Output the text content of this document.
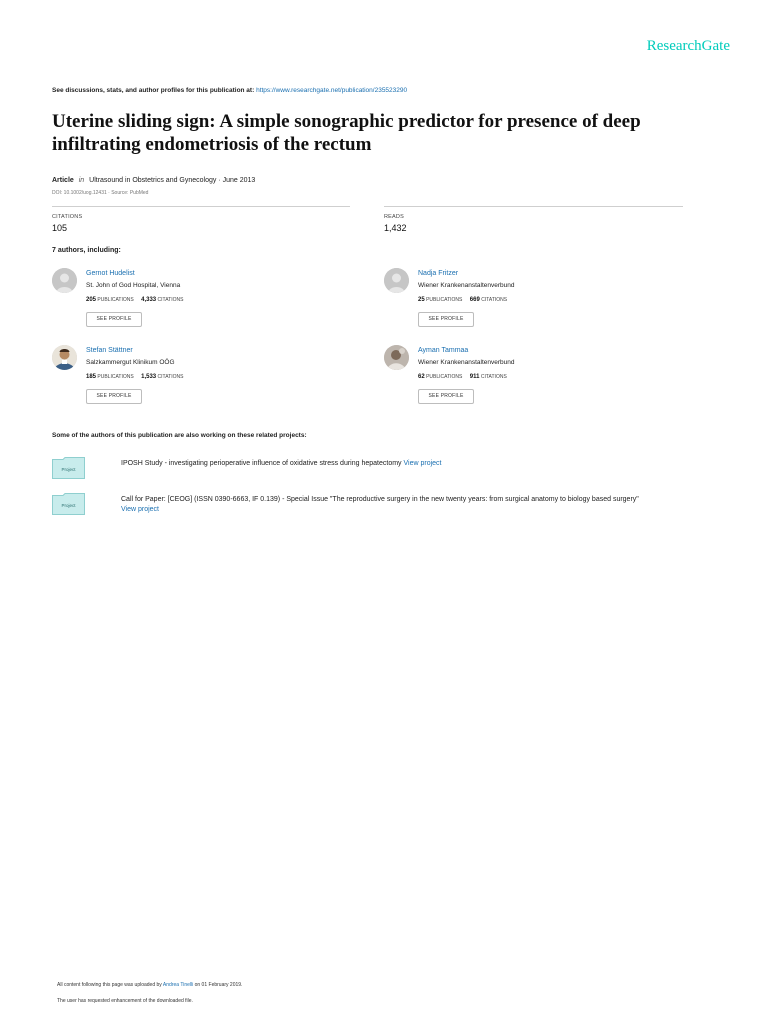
ResearchGate
See discussions, stats, and author profiles for this publication at: https://www.researchgate.net/publication/235523290
Uterine sliding sign: A simple sonographic predictor for presence of deep infiltrating endometriosis of the rectum
Article in Ultrasound in Obstetrics and Gynecology · June 2013
DOI: 10.1002/uog.12431 · Source: PubMed
CITATIONS
105
READS
1,432
7 authors, including:
Gernot Hudelist
St. John of God Hospital, Vienna
205 PUBLICATIONS 4,333 CITATIONS
SEE PROFILE
Nadja Fritzer
Wiener Krankenanstaltenverbund
25 PUBLICATIONS 669 CITATIONS
SEE PROFILE
Stefan Stättner
Salzkammergut Klinikum OÖG
185 PUBLICATIONS 1,533 CITATIONS
SEE PROFILE
Ayman Tammaa
Wiener Krankenanstaltenverbund
62 PUBLICATIONS 911 CITATIONS
SEE PROFILE
Some of the authors of this publication are also working on these related projects:
Project
IPOSH Study - investigating perioperative influence of oxidative stress during hepatectomy View project
Project
Call for Paper: [CEOG] (ISSN 0390-6663, IF 0.139) - Special Issue "The reproductive surgery in the new twenty years: from surgical anatomy to biology based surgery"
View project
All content following this page was uploaded by Andrea Tinelli on 01 February 2019.
The user has requested enhancement of the downloaded file.
